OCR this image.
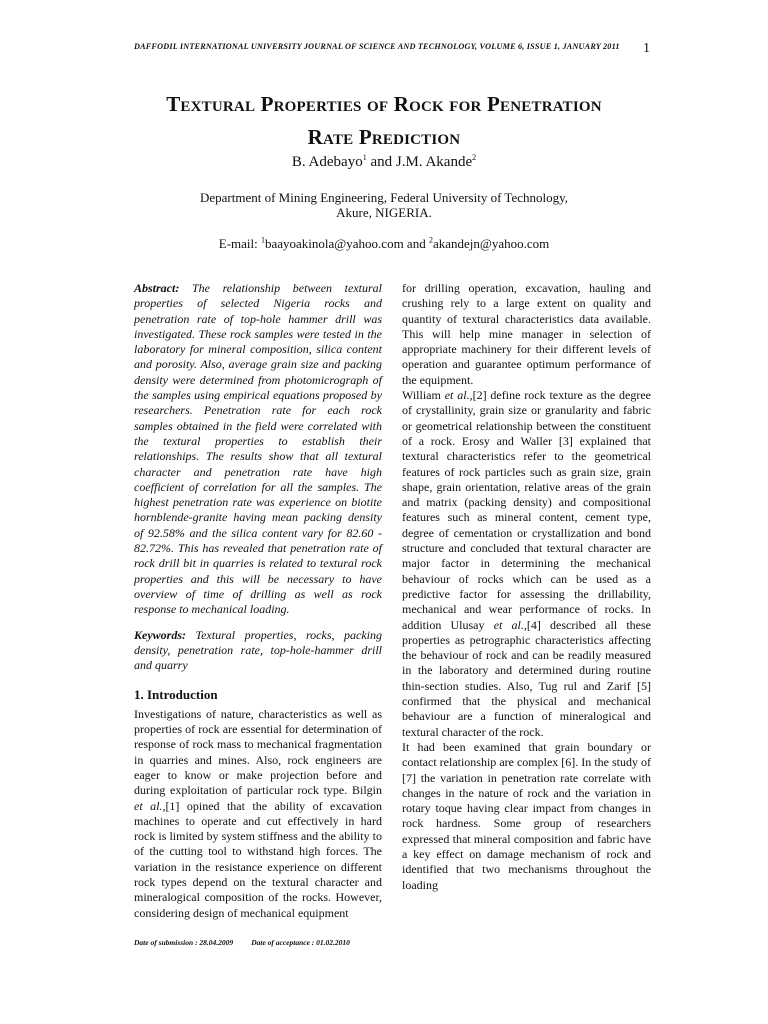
DAFFODIL INTERNATIONAL UNIVERSITY JOURNAL OF SCIENCE AND TECHNOLOGY, VOLUME 6, ISSUE 1, JANUARY 2011	1
Textural Properties of Rock for Penetration
Rate Prediction
B. Adebayo$^1$ and J.M. Akande$^2$
Department of Mining Engineering, Federal University of Technology,
Akure, NIGERIA.
E-mail: $^1$baayoakinola@yahoo.com and $^2$akandejn@yahoo.com

Abstract: The relationship between textural properties of selected Nigeria rocks and penetration rate of top-hole hammer drill was investigated. These rock samples were tested in the laboratory for mineral composition, silica content and porosity. Also, average grain size and packing density were determined from photomicrograph of the samples using empirical equations proposed by researchers. Penetration rate for each rock samples obtained in the field were correlated with the textural properties to establish their relationships. The results show that all textural character and penetration rate have high coefficient of correlation for all the samples. The highest penetration rate was experience on biotite hornblende-granite having mean packing density of 92.58% and the silica content vary for 82.60 - 82.72%. This has revealed that penetration rate of rock drill bit in quarries is related to textural rock properties and this will be necessary to have overview of time of drilling as well as rock response to mechanical loading.

Keywords: Textural properties, rocks, packing density, penetration rate, top-hole-hammer drill and quarry

1. Introduction

Investigations of nature, characteristics as well as properties of rock are essential for determination of response of rock mass to mechanical fragmentation in quarries and mines. Also, rock engineers are eager to know or make projection before and during exploitation of particular rock type. Bilgin et al.,[1] opined that the ability of excavation machines to operate and cut effectively in hard rock is limited by system stiffness and the ability to of the cutting tool to withstand high forces. The variation in the resistance experience on different rock types depend on the textural character and mineralogical composition of the rocks. However, considering design of mechanical equipment

for drilling operation, excavation, hauling and crushing rely to a large extent on quality and quantity of textural characteristics data available. This will help mine manager in selection of appropriate machinery for their different levels of operation and guarantee optimum performance of the equipment.

William et al.,[2] define rock texture as the degree of crystallinity, grain size or granularity and fabric or geometrical relationship between the constituent of a rock. Erosy and Waller [3] explained that textural characteristics refer to the geometrical features of rock particles such as grain size, grain shape, grain orientation, relative areas of the grain and matrix (packing density) and compositional features such as mineral content, cement type, degree of cementation or crystallization and bond structure and concluded that textural character are major factor in determining the mechanical behaviour of rocks which can be used as a predictive factor for assessing the drillability, mechanical and wear performance of rocks. In addition Ulusay et al.,[4] described all these properties as petrographic characteristics affecting the behaviour of rock and can be readily measured in the laboratory and determined during routine thin-section studies. Also, Tug rul and Zarif [5] confirmed that the physical and mechanical behaviour are a function of mineralogical and textural character of the rock.

It had been examined that grain boundary or contact relationship are complex [6]. In the study of [7] the variation in penetration rate correlate with changes in the nature of rock and the variation in rotary toque having clear impact from changes in rock hardness. Some group of researchers expressed that mineral composition and fabric have a key effect on damage mechanism of rock and identified that two mechanisms throughout the loading

Date of submission : 28.04.2009 Date of acceptance : 01.02.2010
